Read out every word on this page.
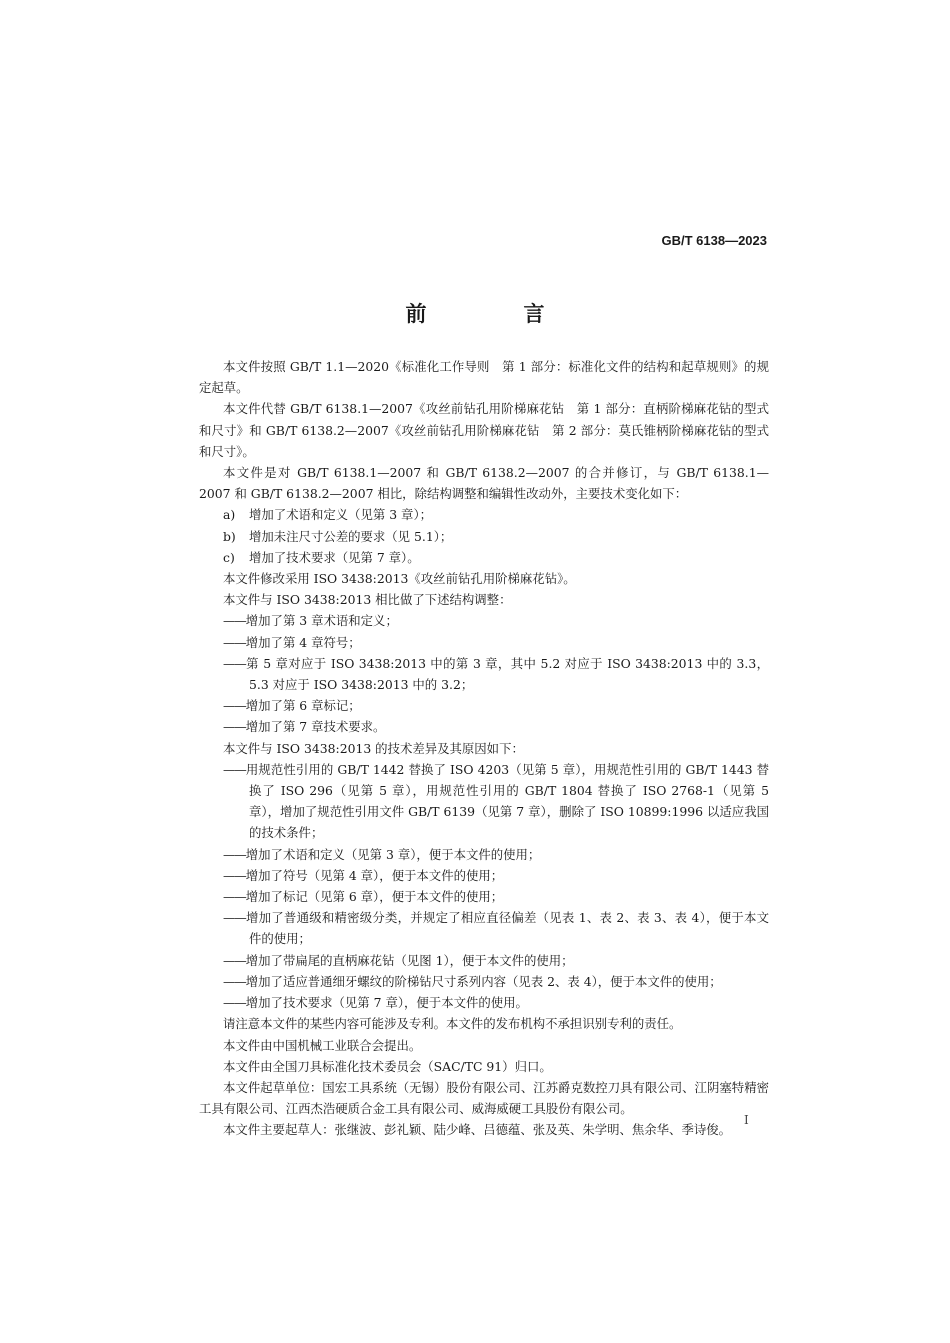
GB/T 6138—2023
前　言

本文件按照 GB/T 1.1—2020《标准化工作导则　第 1 部分：标准化文件的结构和起草规则》的规定起草。

本文件代替 GB/T 6138.1—2007《攻丝前钻孔用阶梯麻花钻　第 1 部分：直柄阶梯麻花钻的型式和尺寸》和 GB/T 6138.2—2007《攻丝前钻孔用阶梯麻花钻　第 2 部分：莫氏锥柄阶梯麻花钻的型式和尺寸》。

本文件是对 GB/T 6138.1—2007 和 GB/T 6138.2—2007 的合并修订，与 GB/T 6138.1—2007 和 GB/T 6138.2—2007 相比，除结构调整和编辑性改动外，主要技术变化如下：

a) 增加了术语和定义（见第 3 章）；

b) 增加未注尺寸公差的要求（见 5.1）；

c) 增加了技术要求（见第 7 章）。

本文件修改采用 ISO 3438:2013《攻丝前钻孔用阶梯麻花钻》。

本文件与 ISO 3438:2013 相比做了下述结构调整：

——增加了第 3 章术语和定义；

——增加了第 4 章符号；

——第 5 章对应于 ISO 3438:2013 中的第 3 章，其中 5.2 对应于 ISO 3438:2013 中的 3.3，5.3 对应于 ISO 3438:2013 中的 3.2；

——增加了第 6 章标记；

——增加了第 7 章技术要求。

本文件与 ISO 3438:2013 的技术差异及其原因如下：

——用规范性引用的 GB/T 1442 替换了 ISO 4203（见第 5 章），用规范性引用的 GB/T 1443 替换了 ISO 296（见第 5 章），用规范性引用的 GB/T 1804 替换了 ISO 2768-1（见第 5 章），增加了规范性引用文件 GB/T 6139（见第 7 章），删除了 ISO 10899:1996 以适应我国的技术条件；

——增加了术语和定义（见第 3 章），便于本文件的使用；

——增加了符号（见第 4 章），便于本文件的使用；

——增加了标记（见第 6 章），便于本文件的使用；

——增加了普通级和精密级分类，并规定了相应直径偏差（见表 1、表 2、表 3、表 4），便于本文件的使用；

——增加了带扁尾的直柄麻花钻（见图 1），便于本文件的使用；

——增加了适应普通细牙螺纹的阶梯钻尺寸系列内容（见表 2、表 4），便于本文件的使用；

——增加了技术要求（见第 7 章），便于本文件的使用。

请注意本文件的某些内容可能涉及专利。本文件的发布机构不承担识别专利的责任。

本文件由中国机械工业联合会提出。

本文件由全国刀具标准化技术委员会（SAC/TC 91）归口。

本文件起草单位：国宏工具系统（无锡）股份有限公司、江苏爵克数控刀具有限公司、江阴塞特精密工具有限公司、江西杰浩硬质合金工具有限公司、威海威硬工具股份有限公司。

本文件主要起草人：张继波、彭礼颖、陆少峰、吕德蕴、张及英、朱学明、焦余华、季诗俊。

I
